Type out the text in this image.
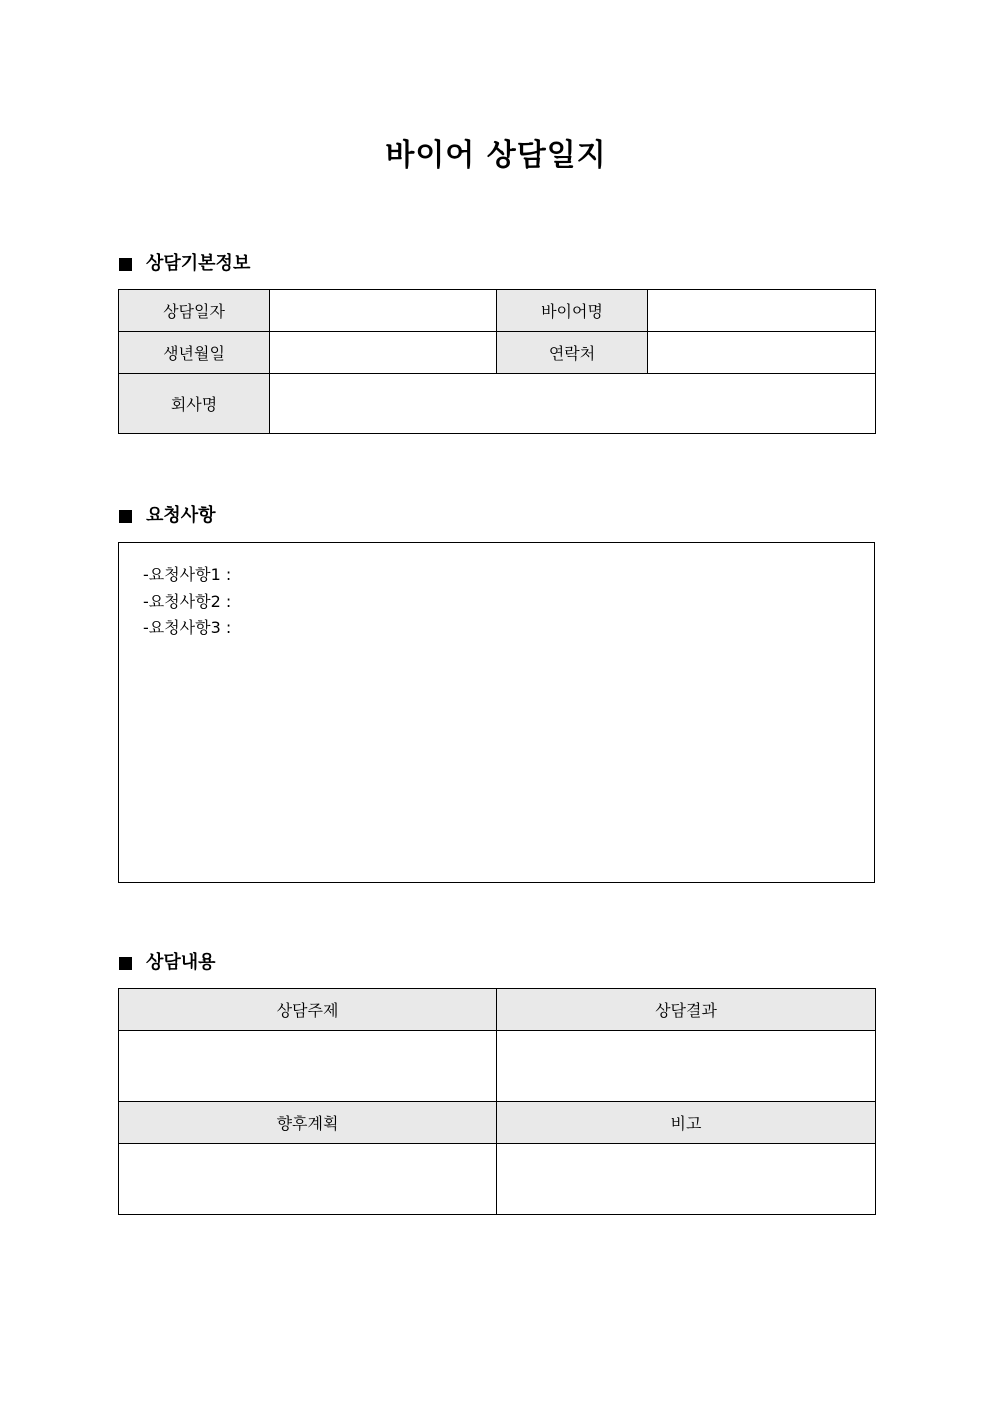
바이어 상담일지
상담기본정보
상담일자		바이어명	
생년월일		연락처	
회사명			
요청사항
-요청사항1 :
-요청사항2 :
-요청사항3 :
상담내용
상담주제	상담결과

향후계획	비고
